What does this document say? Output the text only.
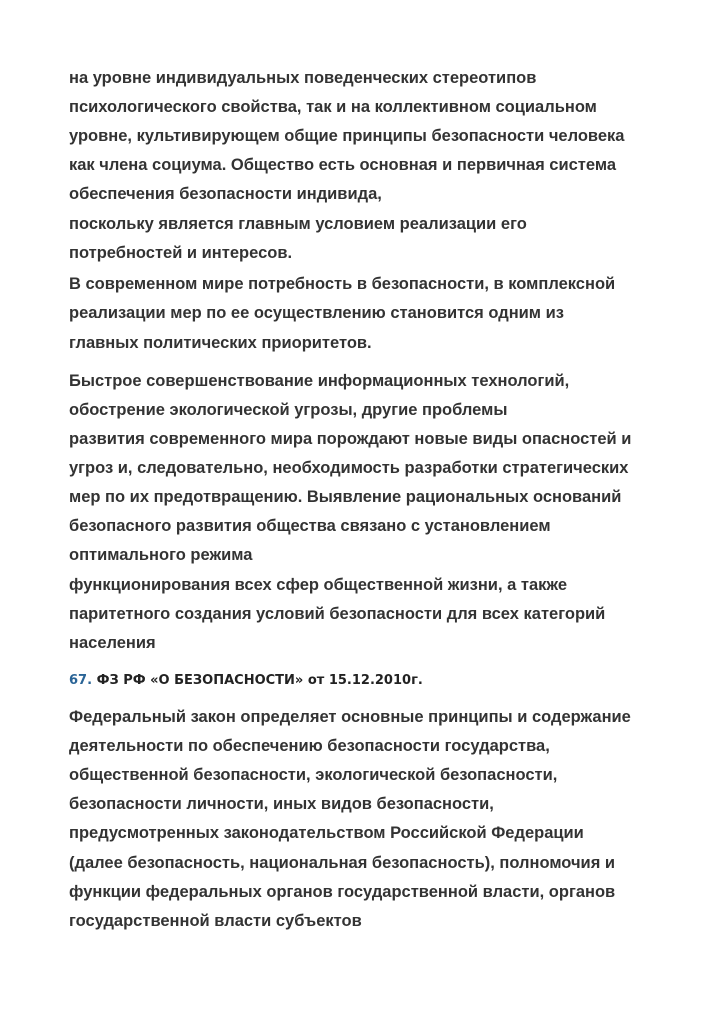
на уровне индивидуальных поведенческих стереотипов

психологического свойства, так и на коллективном социальном

уровне, культивирующем общие принципы безопасности человека

как члена социума. Общество есть основная и первичная система

обеспечения безопасности индивида,

поскольку является главным условием реализации его

потребностей и интересов.

В современном мире потребность в безопасности, в комплексной

реализации мер по ее осуществлению становится одним из

главных политических приоритетов.

Быстрое совершенствование информационных технологий,

обострение экологической угрозы, другие проблемы

развития современного мира порождают новые виды опасностей и

угроз и, следовательно, необходимость разработки стратегических

мер по их предотвращению. Выявление рациональных оснований

безопасного развития общества связано с установлением

оптимального режима

функционирования всех сфер общественной жизни, а также

паритетного создания условий безопасности для всех категорий

населения

67. ФЗ РФ «О БЕЗОПАСНОСТИ» от 15.12.2010г.

Федеральный закон определяет основные принципы и содержание

деятельности по обеспечению безопасности государства,

общественной безопасности, экологической безопасности,

безопасности личности, иных видов безопасности,

предусмотренных законодательством Российской Федерации

(далее безопасность, национальная безопасность), полномочия и

функции федеральных органов государственной власти, органов

государственной власти субъектов
